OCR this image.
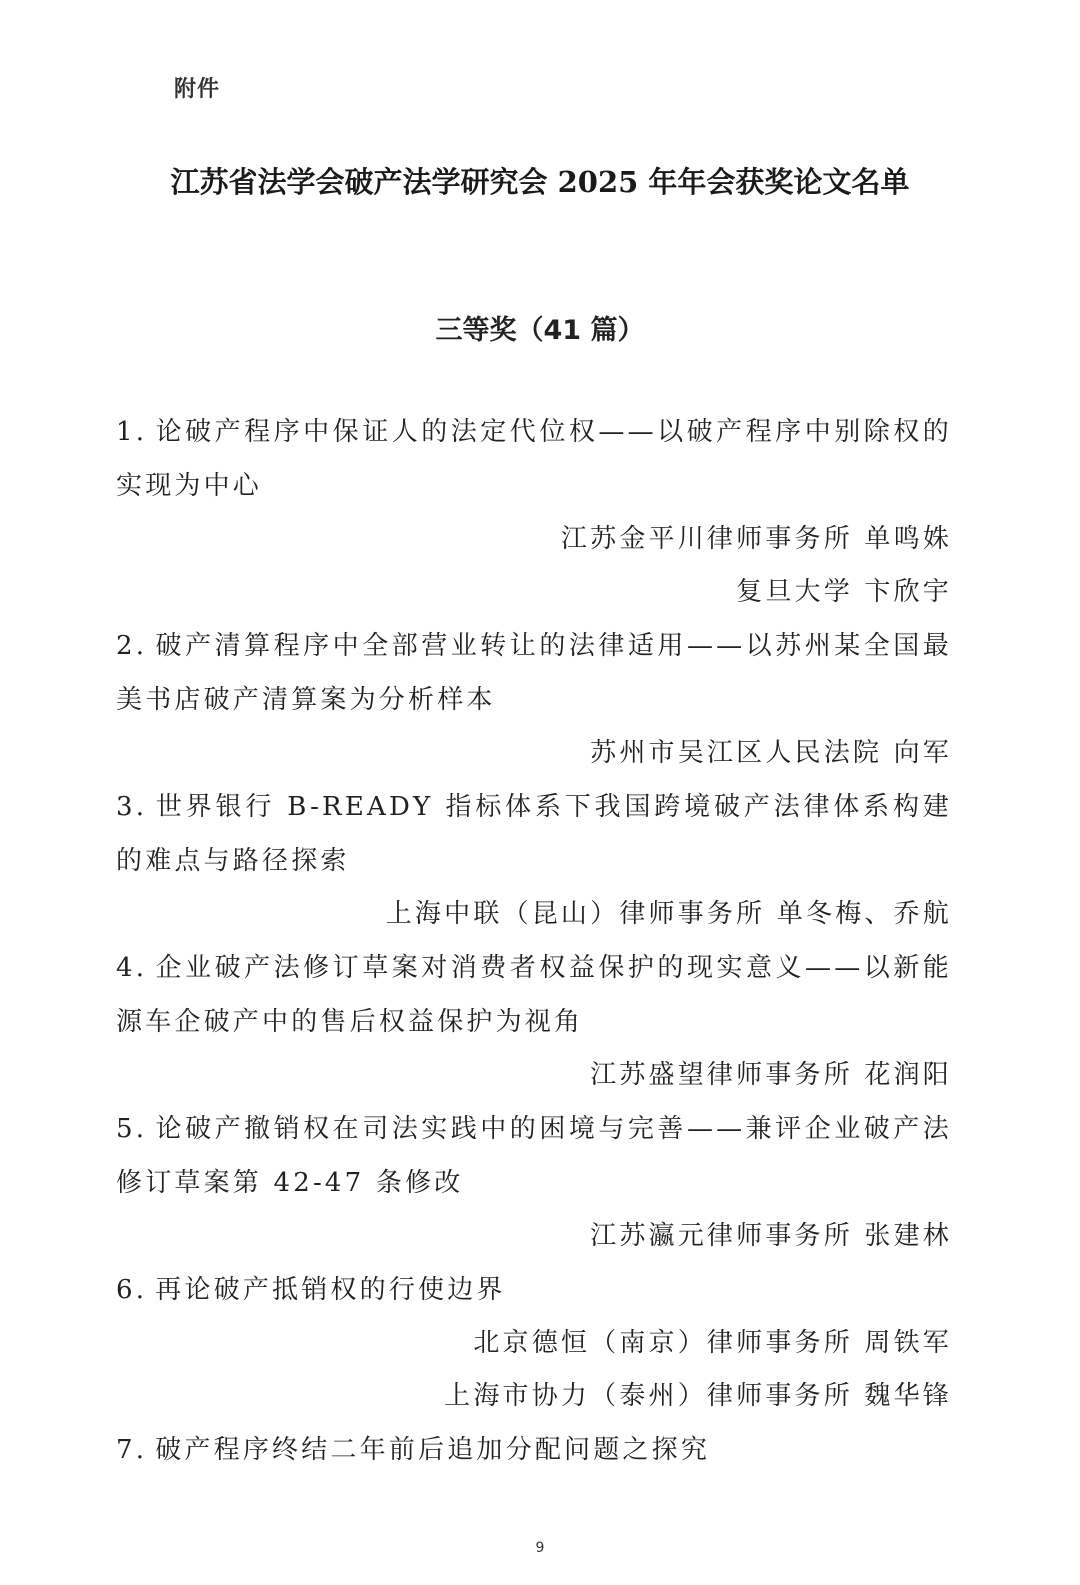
附件
江苏省法学会破产法学研究会 2025 年年会获奖论文名单
三等奖（41 篇）
1. 论破产程序中保证人的法定代位权——以破产程序中别除权的实现为中心
江苏金平川律师事务所 单鸣姝
复旦大学 卞欣宇
2. 破产清算程序中全部营业转让的法律适用——以苏州某全国最美书店破产清算案为分析样本
苏州市吴江区人民法院 向军
3. 世界银行 B-READY 指标体系下我国跨境破产法律体系构建的难点与路径探索
上海中联（昆山）律师事务所 单冬梅、乔航
4. 企业破产法修订草案对消费者权益保护的现实意义——以新能源车企破产中的售后权益保护为视角
江苏盛望律师事务所 花润阳
5. 论破产撤销权在司法实践中的困境与完善——兼评企业破产法修订草案第 42-47 条修改
江苏瀛元律师事务所 张建林
6. 再论破产抵销权的行使边界
北京德恒（南京）律师事务所 周铁军
上海市协力（泰州）律师事务所 魏华锋
7. 破产程序终结二年前后追加分配问题之探究
9
